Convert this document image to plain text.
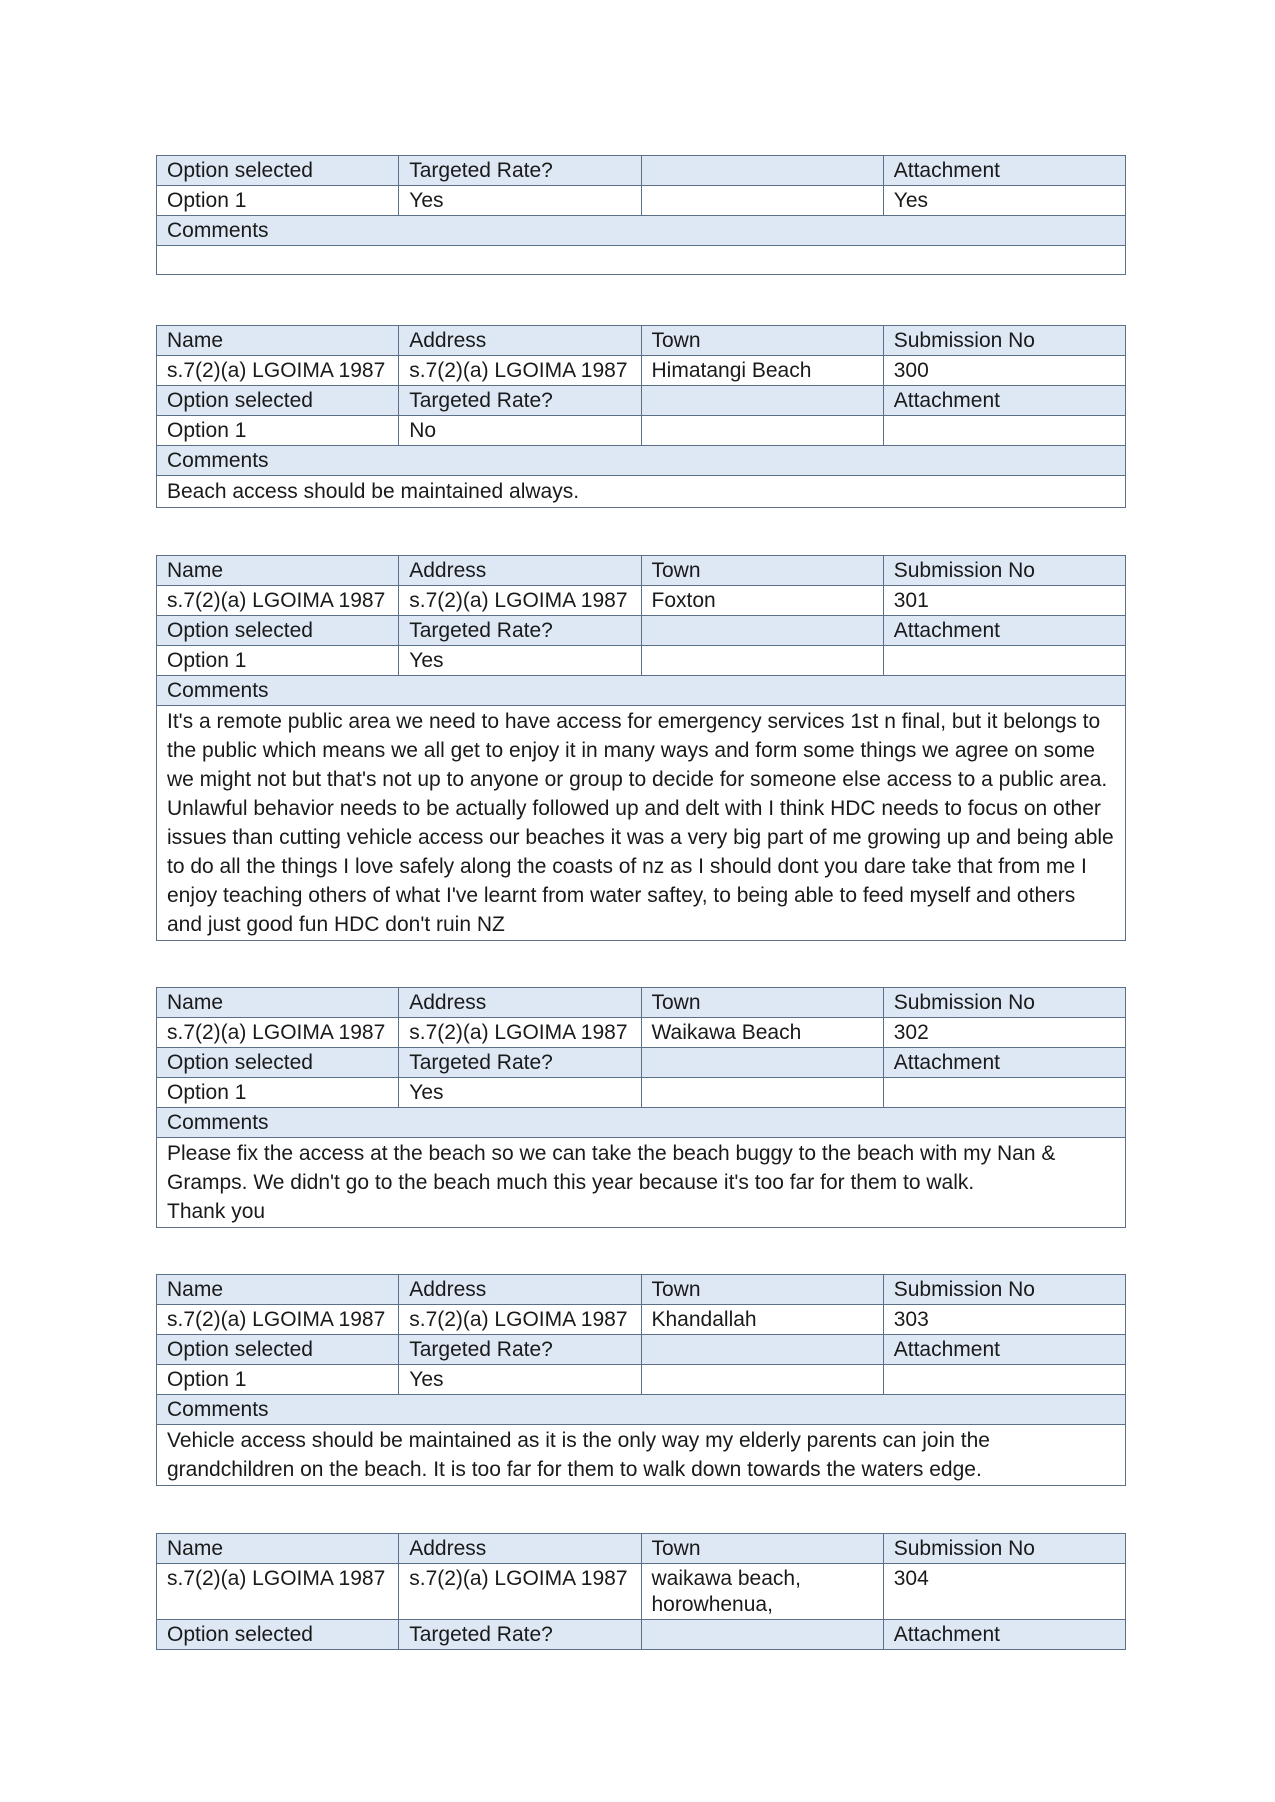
Option selected	Targeted Rate?		Attachment
Option 1	Yes		Yes
Comments			

Name	Address	Town	Submission No
s.7(2)(a) LGOIMA 1987	s.7(2)(a) LGOIMA 1987	Himatangi Beach	300
Option selected	Targeted Rate?		Attachment
Option 1	No		
Comments			
Beach access should be maintained always.			
Name	Address	Town	Submission No
s.7(2)(a) LGOIMA 1987	s.7(2)(a) LGOIMA 1987	Foxton	301
Option selected	Targeted Rate?		Attachment
Option 1	Yes		
Comments			
It's a remote public area we need to have access for emergency services 1st n final, but it belongs to the public which means we all get to enjoy it in many ways and form some things we agree on some we might not but that's not up to anyone or group to decide for someone else access to a public area. Unlawful behavior needs to be actually followed up and delt with I think HDC needs to focus on other issues than cutting vehicle access our beaches it was a very big part of me growing up and being able to do all the things I love safely along the coasts of nz as I should dont you dare take that from me I enjoy teaching others of what I've learnt from water saftey, to being able to feed myself and others and just good fun HDC don't ruin NZ			
Name	Address	Town	Submission No
s.7(2)(a) LGOIMA 1987	s.7(2)(a) LGOIMA 1987	Waikawa Beach	302
Option selected	Targeted Rate?		Attachment
Option 1	Yes		
Comments			

Please fix the access at the beach so we can take the beach buggy to the beach with my Nan &
Gramps. We didn't go to the beach much this year because it's too far for them to walk.
Thank you			
Name	Address	Town	Submission No
s.7(2)(a) LGOIMA 1987	s.7(2)(a) LGOIMA 1987	Khandallah	303
Option selected	Targeted Rate?		Attachment
Option 1	Yes		
Comments			
Vehicle access should be maintained as it is the only way my elderly parents can join the grandchildren on the beach. It is too far for them to walk down towards the waters edge.			
Name	Address	Town	Submission No
s.7(2)(a) LGOIMA 1987	s.7(2)(a) LGOIMA 1987	waikawa beach,
horowhenua,	304
Option selected	Targeted Rate?		Attachment
